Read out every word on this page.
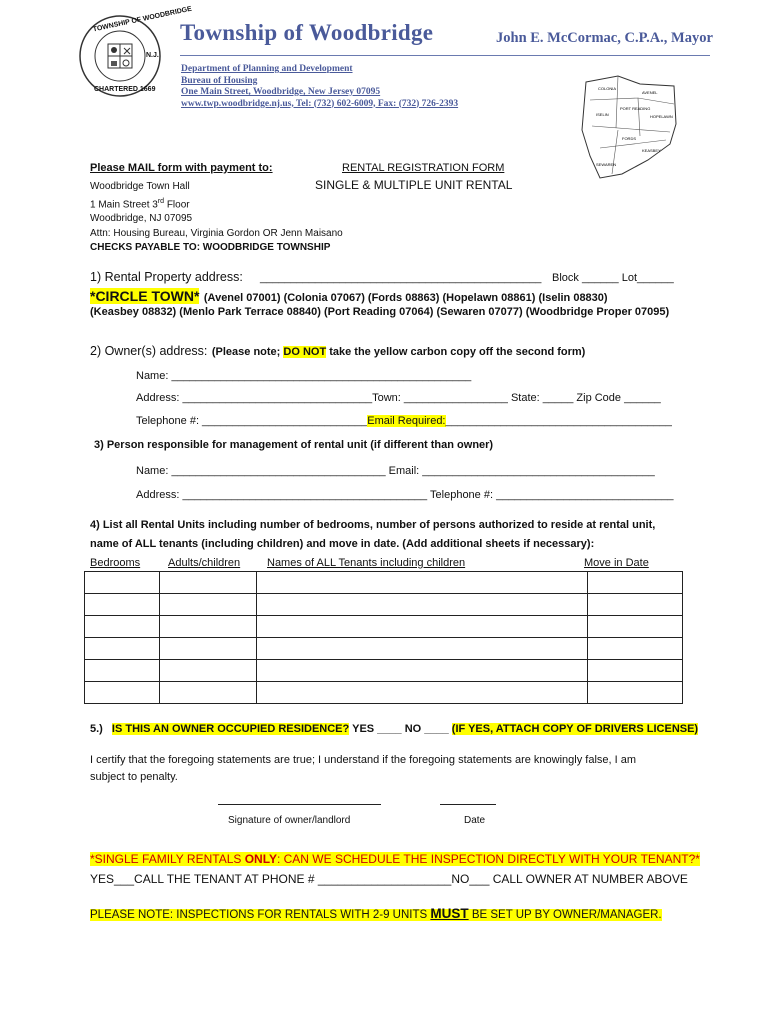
TOWNSHIP OF WOODBRIDGE
N.J.
CHARTERED 1669
Township of Woodbridge	John E. McCormac, C.P.A., Mayor
Department of Planning and Development
Bureau of Housing
One Main Street, Woodbridge, New Jersey 07095
www.twp.woodbridge.nj.us, Tel: (732) 602-6009, Fax: (732) 726-2393
COLONIA
AVENEL
ISELIN
FORDS
HOPELAWN
KEASBEY
SEWAREN
PORT READING
Please MAIL form with payment to:
Woodbridge Town Hall
1 Main Street 3rd Floor
Woodbridge, NJ 07095
Attn: Housing Bureau, Virginia Gordon OR Jenn Maisano
CHECKS PAYABLE TO: WOODBRIDGE TOWNSHIP
RENTAL REGISTRATION FORM
SINGLE & MULTIPLE UNIT RENTAL
1) Rental Property address: ______________________________________________ Block ______ Lot______
*CIRCLE TOWN* (Avenel 07001) (Colonia 07067) (Fords 08863) (Hopelawn 08861) (Iselin 08830)
(Keasbey 08832) (Menlo Park Terrace 08840) (Port Reading 07064) (Sewaren 07077) (Woodbridge Proper 07095)
2) Owner(s) address: (Please note; DO NOT take the yellow carbon copy off the second form)
Name: _________________________________________________
Address: _______________________________Town: _________________ State: _____ Zip Code ______
Telephone #: ___________________________Email Required:_____________________________________
3) Person responsible for management of rental unit (if different than owner)
Name: ___________________________________ Email: ______________________________________
Address: ________________________________________ Telephone #: _____________________________
4) List all Rental Units including number of bedrooms, number of persons authorized to reside at rental unit,
name of ALL tenants (including children) and move in date. (Add additional sheets if necessary):
Bedrooms	Adults/children Names of ALL Tenants including children	Move in Date

5.) IS THIS AN OWNER OCCUPIED RESIDENCE? YES ____ NO ____ (IF YES, ATTACH COPY OF DRIVERS LICENSE)
I certify that the foregoing statements are true; I understand if the foregoing statements are knowingly false, I am
subject to penalty.
Signature of owner/landlord	Date
*SINGLE FAMILY RENTALS ONLY: CAN WE SCHEDULE THE INSPECTION DIRECTLY WITH YOUR TENANT?*
YES___CALL THE TENANT AT PHONE # ____________________NO___ CALL OWNER AT NUMBER ABOVE
PLEASE NOTE: INSPECTIONS FOR RENTALS WITH 2-9 UNITS MUST BE SET UP BY OWNER/MANAGER.
